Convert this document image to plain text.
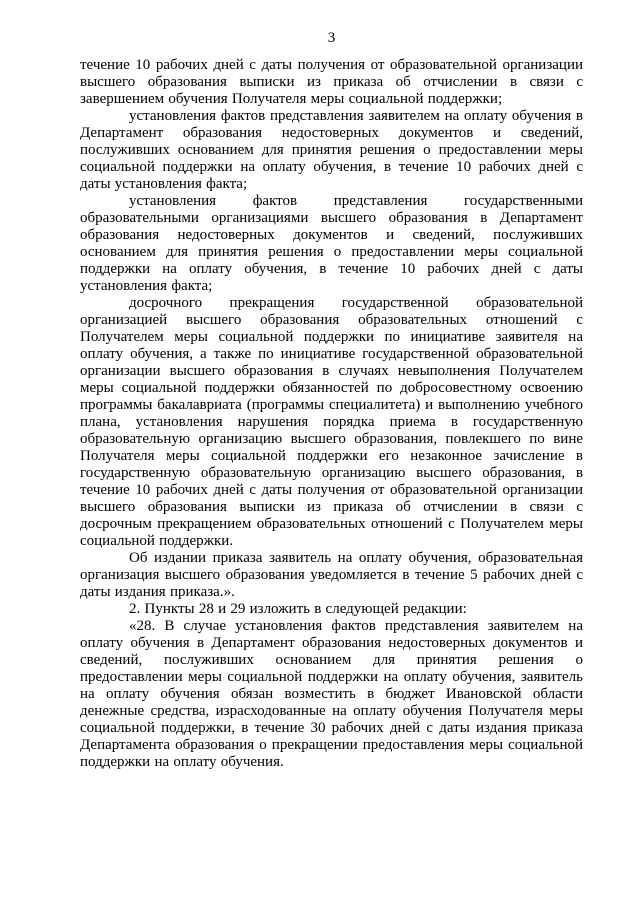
3

течение 10 рабочих дней с даты получения от образовательной организации высшего образования выписки из приказа об отчислении в связи с завершением обучения Получателя меры социальной поддержки;

установления фактов представления заявителем на оплату обучения в Департамент образования недостоверных документов и сведений, послуживших основанием для принятия решения о предоставлении меры социальной поддержки на оплату обучения, в течение 10 рабочих дней с даты установления факта;

установления фактов представления государственными образовательными организациями высшего образования в Департамент образования недостоверных документов и сведений, послуживших основанием для принятия решения о предоставлении меры социальной поддержки на оплату обучения, в течение 10 рабочих дней с даты установления факта;

досрочного прекращения государственной образовательной организацией высшего образования образовательных отношений с Получателем меры социальной поддержки по инициативе заявителя на оплату обучения, а также по инициативе государственной образовательной организации высшего образования в случаях невыполнения Получателем меры социальной поддержки обязанностей по добросовестному освоению программы бакалавриата (программы специалитета) и выполнению учебного плана, установления нарушения порядка приема в государственную образовательную организацию высшего образования, повлекшего по вине Получателя меры социальной поддержки его незаконное зачисление в государственную образовательную организацию высшего образования, в течение 10 рабочих дней с даты получения от образовательной организации высшего образования выписки из приказа об отчислении в связи с досрочным прекращением образовательных отношений с Получателем меры социальной поддержки.

Об издании приказа заявитель на оплату обучения, образовательная организация высшего образования уведомляется в течение 5 рабочих дней с даты издания приказа.».

2. Пункты 28 и 29 изложить в следующей редакции:

«28. В случае установления фактов представления заявителем на оплату обучения в Департамент образования недостоверных документов и сведений, послуживших основанием для принятия решения о предоставлении меры социальной поддержки на оплату обучения, заявитель на оплату обучения обязан возместить в бюджет Ивановской области денежные средства, израсходованные на оплату обучения Получателя меры социальной поддержки, в течение 30 рабочих дней с даты издания приказа Департамента образования о прекращении предоставления меры социальной поддержки на оплату обучения.
